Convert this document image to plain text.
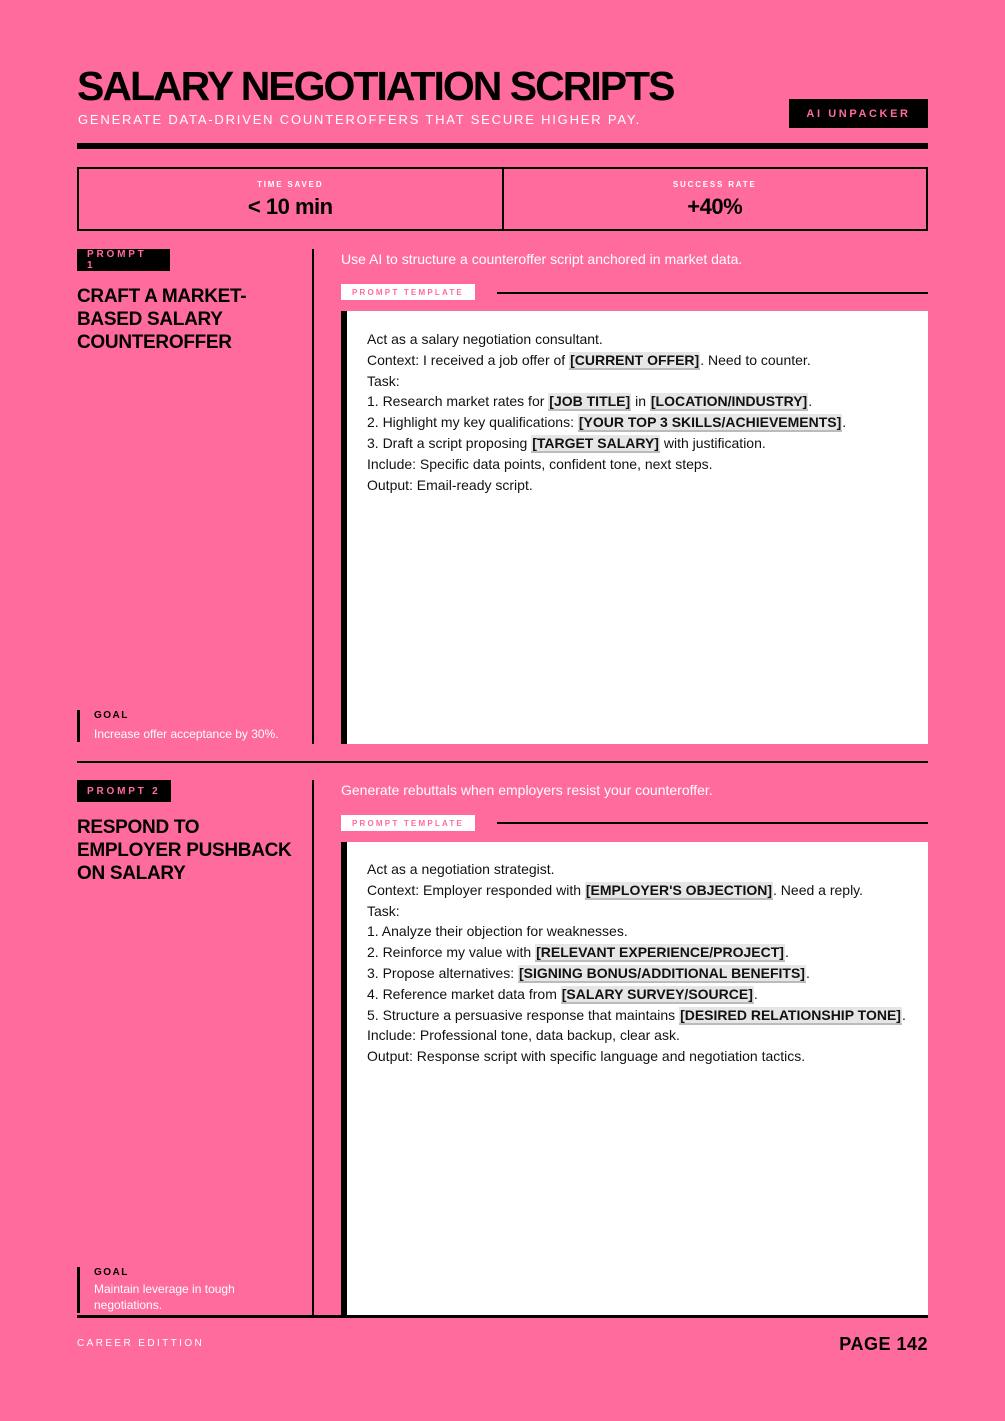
SALARY NEGOTIATION SCRIPTS
GENERATE DATA-DRIVEN COUNTEROFFERS THAT SECURE HIGHER PAY.	AI UNPACKER
TIME SAVED
< 10 min
SUCCESS RATE
+40%
PROMPT 1
CRAFT A MARKET-BASED SALARY COUNTEROFFER
GOAL
Increase offer acceptance by 30%.
Use AI to structure a counteroffer script anchored in market data.
PROMPT TEMPLATE
Act as a salary negotiation consultant.
Context: I received a job offer of [CURRENT OFFER]. Need to counter.
Task:
1. Research market rates for [JOB TITLE] in [LOCATION/INDUSTRY].
2. Highlight my key qualifications: [YOUR TOP 3 SKILLS/ACHIEVEMENTS].
3. Draft a script proposing [TARGET SALARY] with justification.
Include: Specific data points, confident tone, next steps.
Output: Email-ready script.
PROMPT 2
RESPOND TO EMPLOYER PUSHBACK ON SALARY
GOAL
Maintain leverage in tough negotiations.
Generate rebuttals when employers resist your counteroffer.
PROMPT TEMPLATE
Act as a negotiation strategist.
Context: Employer responded with [EMPLOYER'S OBJECTION]. Need a reply.
Task:
1. Analyze their objection for weaknesses.
2. Reinforce my value with [RELEVANT EXPERIENCE/PROJECT].
3. Propose alternatives: [SIGNING BONUS/ADDITIONAL BENEFITS].
4. Reference market data from [SALARY SURVEY/SOURCE].
5. Structure a persuasive response that maintains [DESIRED RELATIONSHIP TONE].
Include: Professional tone, data backup, clear ask.
Output: Response script with specific language and negotiation tactics.
CAREER EDITTION	PAGE 142
